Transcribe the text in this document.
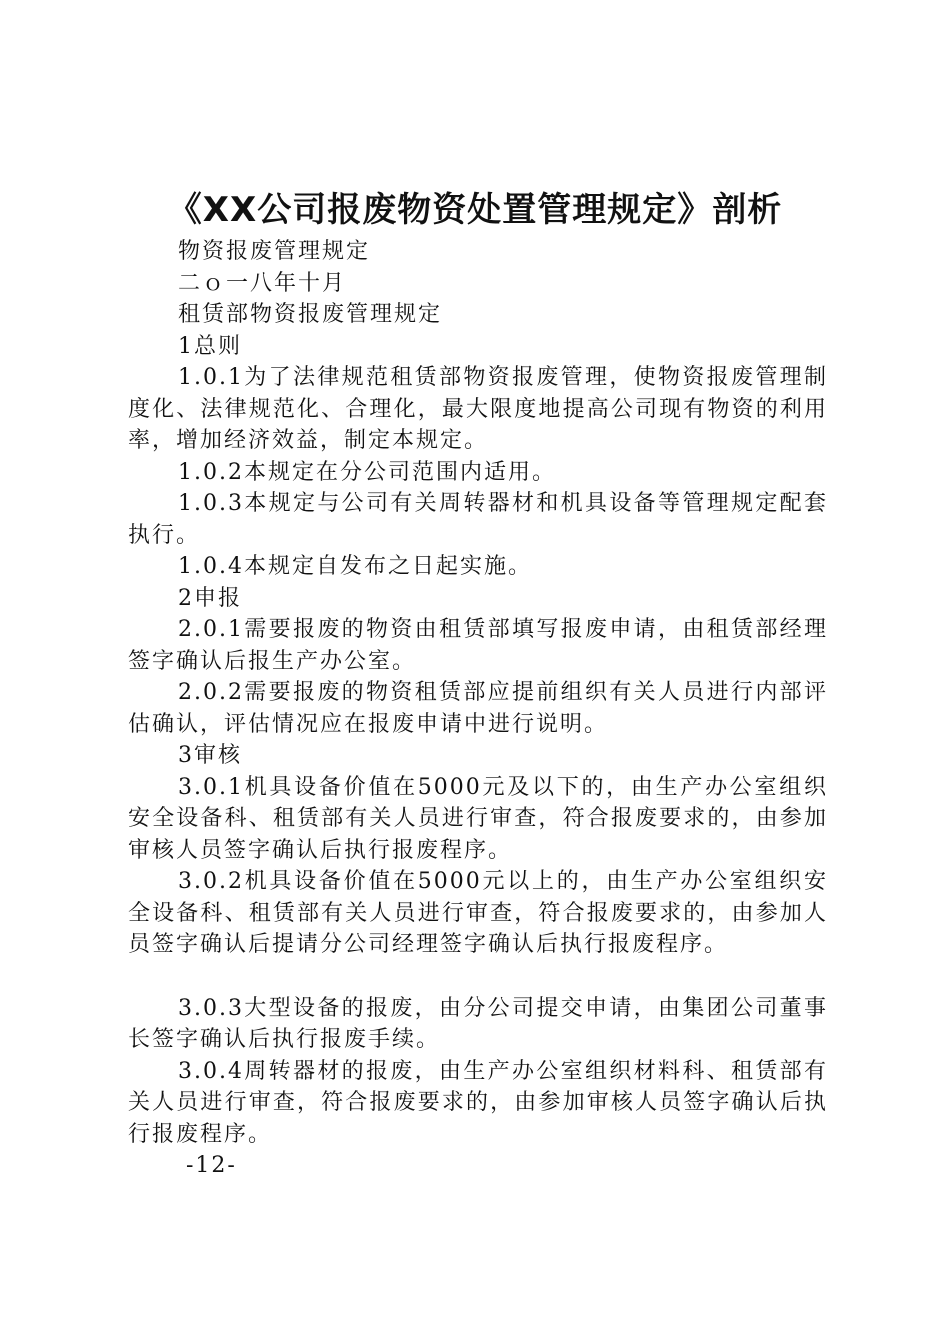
《XX公司报废物资处置管理规定》剖析

物资报废管理规定

二ｏ一八年十月

租赁部物资报废管理规定

1总则

1.0.1为了法律规范租赁部物资报废管理，使物资报废管理制度化、法律规范化、合理化，最大限度地提高公司现有物资的利用率，增加经济效益，制定本规定。

1.0.2本规定在分公司范围内适用。

1.0.3本规定与公司有关周转器材和机具设备等管理规定配套执行。

1.0.4本规定自发布之日起实施。

2申报

2.0.1需要报废的物资由租赁部填写报废申请，由租赁部经理签字确认后报生产办公室。

2.0.2需要报废的物资租赁部应提前组织有关人员进行内部评估确认，评估情况应在报废申请中进行说明。

3审核

3.0.1机具设备价值在5000元及以下的，由生产办公室组织安全设备科、租赁部有关人员进行审查，符合报废要求的，由参加审核人员签字确认后执行报废程序。

3.0.2机具设备价值在5000元以上的，由生产办公室组织安全设备科、租赁部有关人员进行审查，符合报废要求的，由参加人员签字确认后提请分公司经理签字确认后执行报废程序。

3.0.3大型设备的报废，由分公司提交申请，由集团公司董事长签字确认后执行报废手续。

3.0.4周转器材的报废，由生产办公室组织材料科、租赁部有关人员进行审查，符合报废要求的，由参加审核人员签字确认后执行报废程序。

-12-
